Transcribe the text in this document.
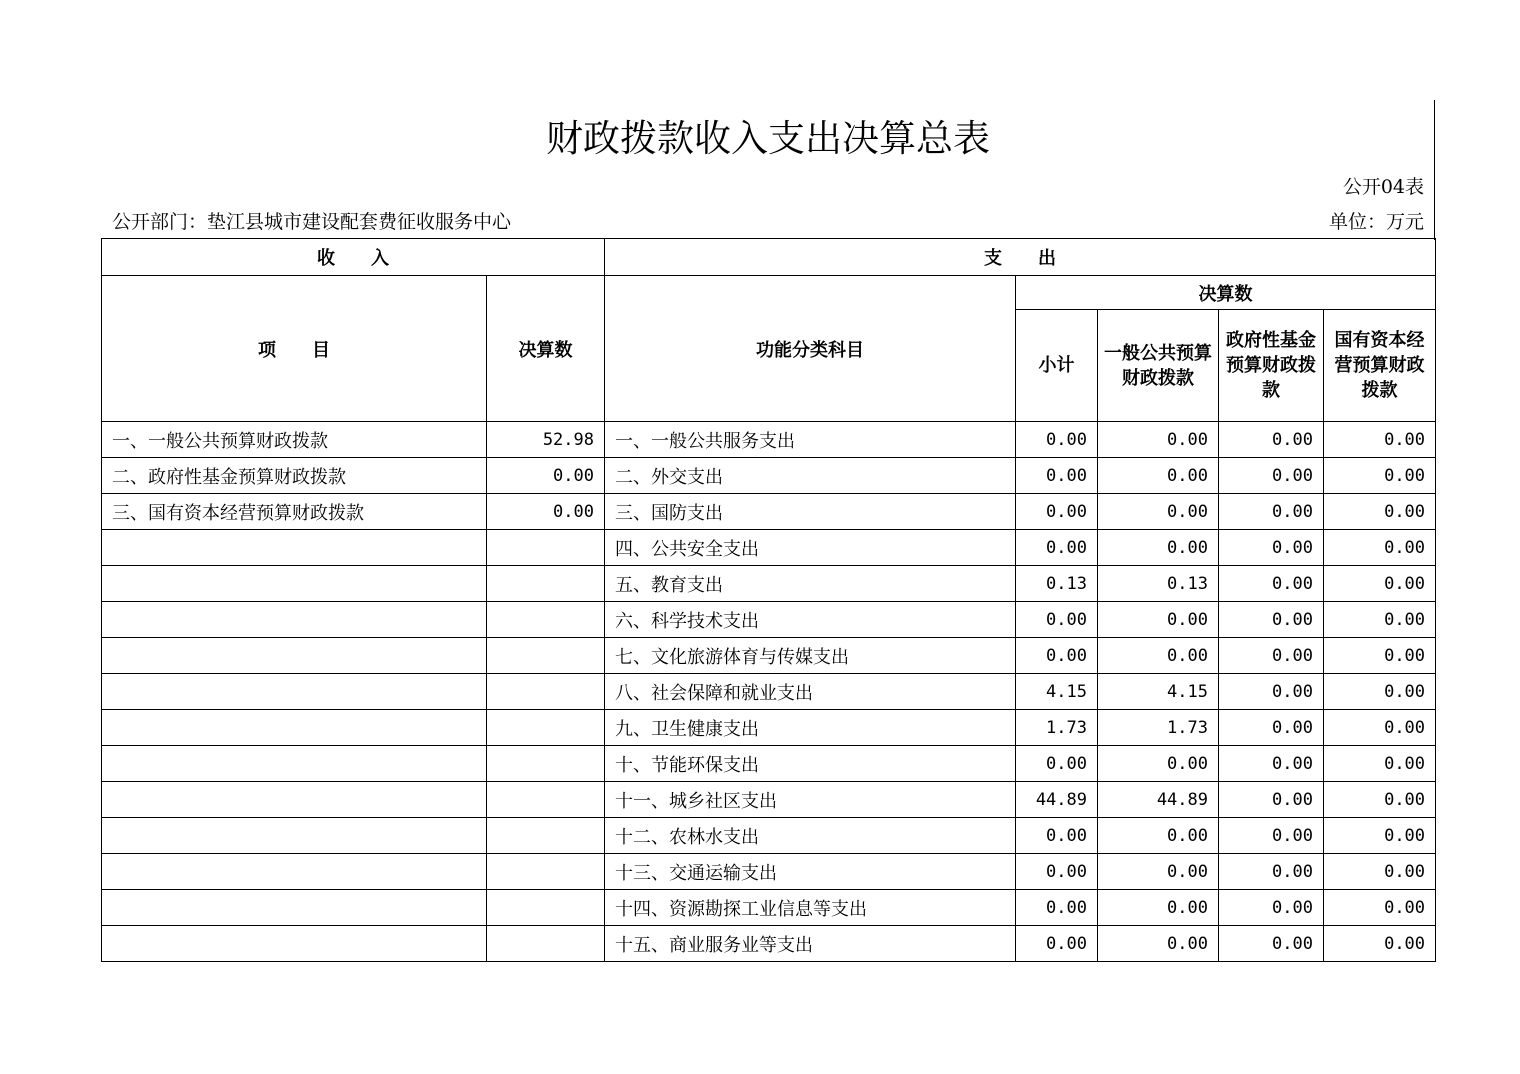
财政拨款收入支出决算总表
公开04表
公开部门：垫江县城市建设配套费征收服务中心	单位：万元
收　　入		支　　出				
项　　目	决算数	功能分类科目	决算数			
			小计	一般公共预算财政拨款	政府性基金预算财政拨款	国有资本经营预算财政拨款
一、一般公共预算财政拨款	52.98	一、一般公共服务支出	0.00	0.00	0.00	0.00
二、政府性基金预算财政拨款	0.00	二、外交支出	0.00	0.00	0.00	0.00
三、国有资本经营预算财政拨款	0.00	三、国防支出	0.00	0.00	0.00	0.00
		四、公共安全支出	0.00	0.00	0.00	0.00
		五、教育支出	0.13	0.13	0.00	0.00
		六、科学技术支出	0.00	0.00	0.00	0.00
		七、文化旅游体育与传媒支出	0.00	0.00	0.00	0.00
		八、社会保障和就业支出	4.15	4.15	0.00	0.00
		九、卫生健康支出	1.73	1.73	0.00	0.00
		十、节能环保支出	0.00	0.00	0.00	0.00
		十一、城乡社区支出	44.89	44.89	0.00	0.00
		十二、农林水支出	0.00	0.00	0.00	0.00
		十三、交通运输支出	0.00	0.00	0.00	0.00
		十四、资源勘探工业信息等支出	0.00	0.00	0.00	0.00
		十五、商业服务业等支出	0.00	0.00	0.00	0.00
